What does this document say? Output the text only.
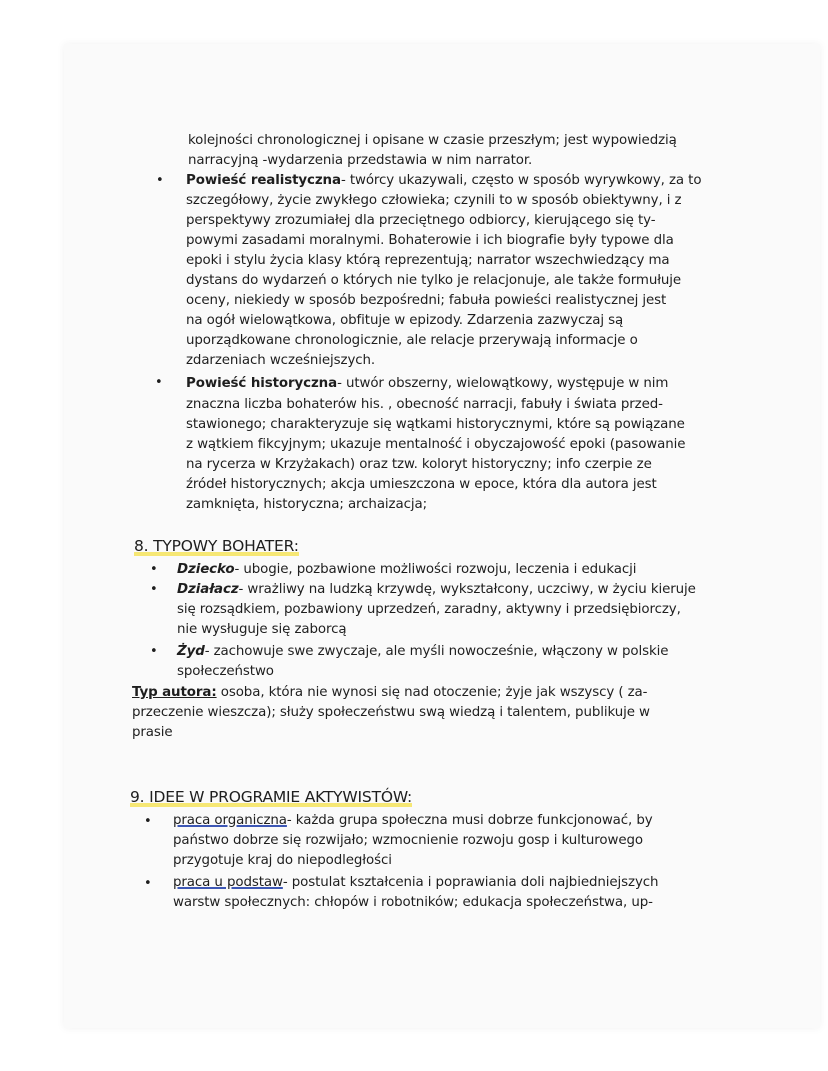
kolejności chronologicznej i opisane w czasie przeszłym; jest wypowiedzią
narracyjną -wydarzenia przedstawia w nim narrator.
• Powieść realistyczna- twórcy ukazywali, często w sposób wyrywkowy, za to
szczegółowy, życie zwykłego człowieka; czynili to w sposób obiektywny, i z
perspektywy zrozumiałej dla przeciętnego odbiorcy, kierującego się ty-
powymi zasadami moralnymi. Bohaterowie i ich biografie były typowe dla
epoki i stylu życia klasy którą reprezentują; narrator wszechwiedzący ma
dystans do wydarzeń o których nie tylko je relacjonuje, ale także formułuje
oceny, niekiedy w sposób bezpośredni; fabuła powieści realistycznej jest
na ogół wielowątkowa, obfituje w epizody. Zdarzenia zazwyczaj są
uporządkowane chronologicznie, ale relacje przerywają informacje o
zdarzeniach wcześniejszych.
• Powieść historyczna- utwór obszerny, wielowątkowy, występuje w nim
znaczna liczba bohaterów his. , obecność narracji, fabuły i świata przed-
stawionego; charakteryzuje się wątkami historycznymi, które są powiązane
z wątkiem fikcyjnym; ukazuje mentalność i obyczajowość epoki (pasowanie
na rycerza w Krzyżakach) oraz tzw. koloryt historyczny; info czerpie ze
źródeł historycznych; akcja umieszczona w epoce, która dla autora jest
zamknięta, historyczna; archaizacja;
8. TYPOWY BOHATER:
• Dziecko- ubogie, pozbawione możliwości rozwoju, leczenia i edukacji
• Działacz- wrażliwy na ludzką krzywdę, wykształcony, uczciwy, w życiu kieruje
się rozsądkiem, pozbawiony uprzedzeń, zaradny, aktywny i przedsiębiorczy,
nie wysługuje się zaborcą
• Żyd- zachowuje swe zwyczaje, ale myśli nowocześnie, włączony w polskie
społeczeństwo
Typ autora: osoba, która nie wynosi się nad otoczenie; żyje jak wszyscy ( za-
przeczenie wieszcza); służy społeczeństwu swą wiedzą i talentem, publikuje w
prasie
9. IDEE W PROGRAMIE AKTYWISTÓW:
• praca organiczna- każda grupa społeczna musi dobrze funkcjonować, by
państwo dobrze się rozwijało; wzmocnienie rozwoju gosp i kulturowego
przygotuje kraj do niepodległości
• praca u podstaw- postulat kształcenia i poprawiania doli najbiedniejszych
warstw społecznych: chłopów i robotników; edukacja społeczeństwa, up-
